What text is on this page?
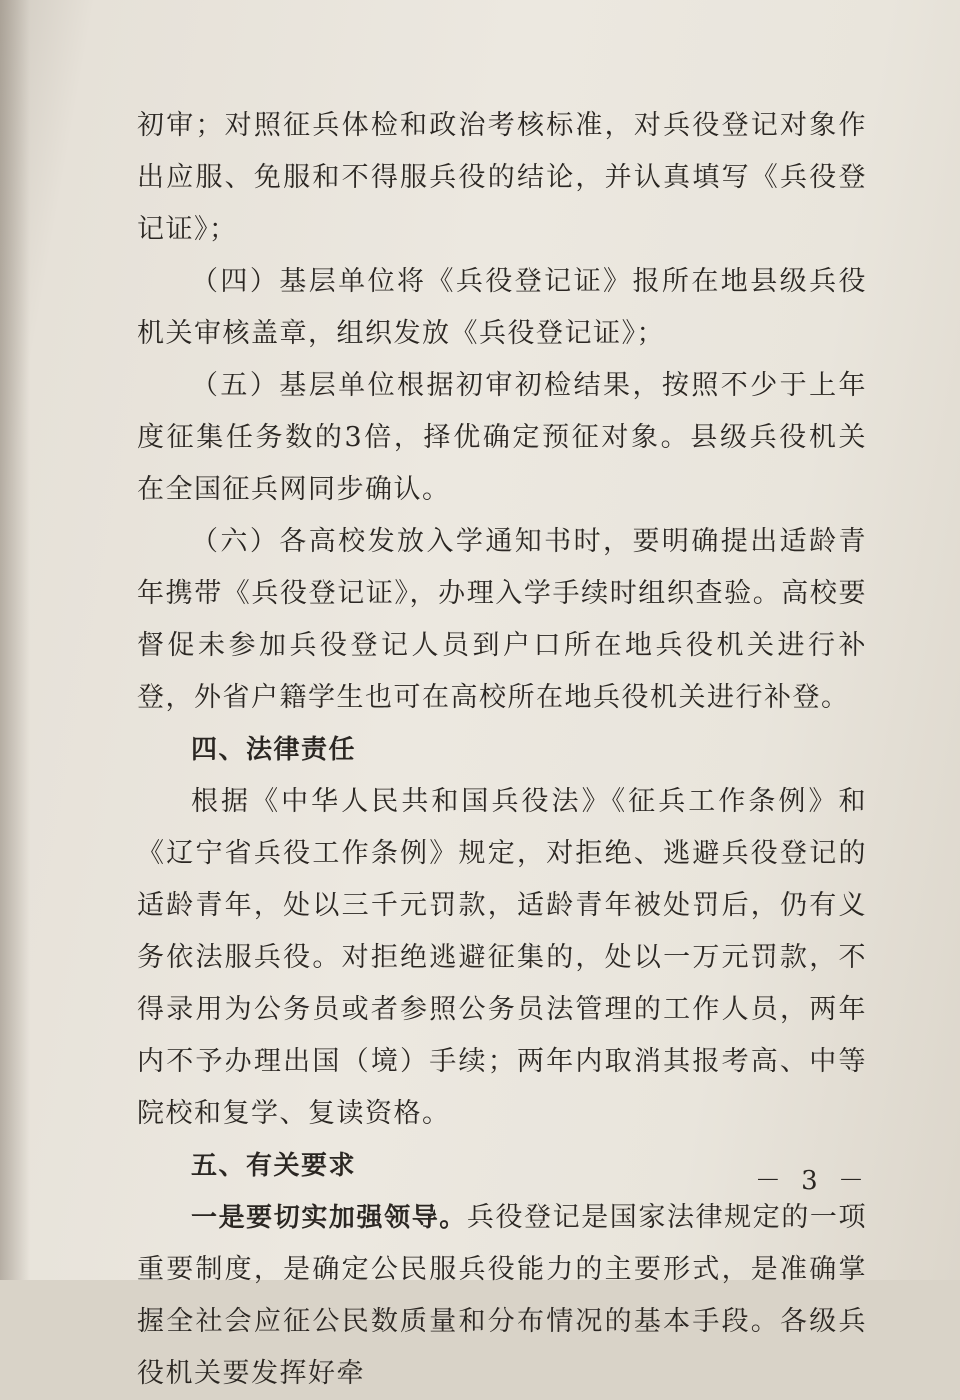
初审；对照征兵体检和政治考核标准，对兵役登记对象作出应服、免服和不得服兵役的结论，并认真填写《兵役登记证》；

（四）基层单位将《兵役登记证》报所在地县级兵役机关审核盖章，组织发放《兵役登记证》；

（五）基层单位根据初审初检结果，按照不少于上年度征集任务数的3倍，择优确定预征对象。县级兵役机关在全国征兵网同步确认。

（六）各高校发放入学通知书时，要明确提出适龄青年携带《兵役登记证》，办理入学手续时组织查验。高校要督促未参加兵役登记人员到户口所在地兵役机关进行补登，外省户籍学生也可在高校所在地兵役机关进行补登。

四、法律责任

根据《中华人民共和国兵役法》《征兵工作条例》和《辽宁省兵役工作条例》规定，对拒绝、逃避兵役登记的适龄青年，处以三千元罚款，适龄青年被处罚后，仍有义务依法服兵役。对拒绝逃避征集的，处以一万元罚款，不得录用为公务员或者参照公务员法管理的工作人员，两年内不予办理出国（境）手续；两年内取消其报考高、中等院校和复学、复读资格。

五、有关要求

一是要切实加强领导。兵役登记是国家法律规定的一项重要制度，是确定公民服兵役能力的主要形式，是准确掌握全社会应征公民数质量和分布情况的基本手段。各级兵役机关要发挥好牵

－ 3 －
